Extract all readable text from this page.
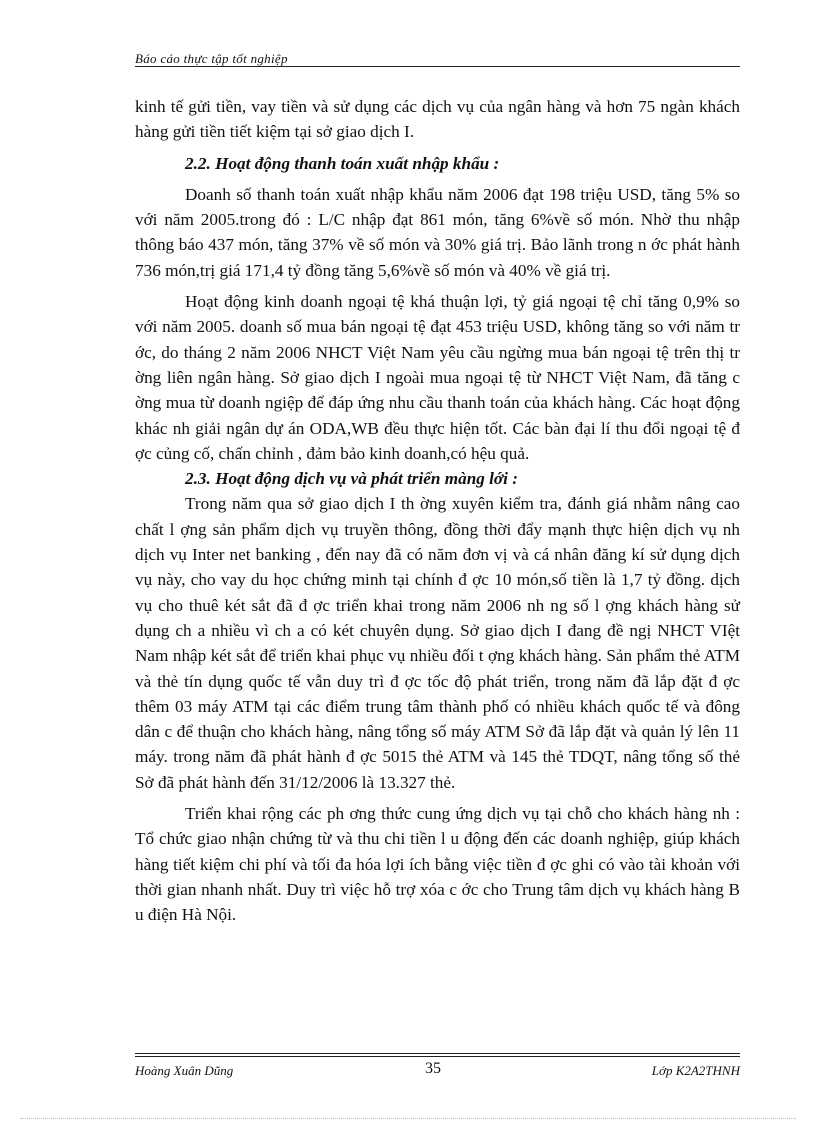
Báo cáo thực tập tốt nghiệp

kinh tế gửi tiền, vay tiền và sử dụng các dịch vụ của ngân hàng và hơn 75 ngàn khách hàng gửi tiền tiết kiệm tại sở giao dịch I.

2.2. Hoạt động thanh toán xuất nhập khẩu :

Doanh số thanh toán xuất nhập khẩu năm 2006 đạt 198 triệu USD, tăng 5% so với năm 2005.trong đó : L/C nhập đạt 861 món, tăng 6%về số món. Nhờ thu nhập thông báo 437 món, tăng 37% về số món và 30% giá trị. Bảo lãnh trong n ớc phát hành 736 món,trị giá 171,4 tỷ đồng tăng 5,6%về số món và 40% về giá trị.

Hoạt động kinh doanh ngoại tệ khá thuận lợi, tỷ giá ngoại tệ chỉ tăng 0,9% so với năm 2005. doanh số mua bán ngoại tệ đạt 453 triệu USD, không tăng so với năm tr ớc, do tháng 2 năm 2006 NHCT Việt Nam yêu cầu ngừng mua bán ngoại tệ trên thị tr ờng liên ngân hàng. Sở giao dịch I ngoài mua ngoại tệ từ NHCT Việt Nam, đã tăng c ờng mua từ doanh ngiệp để đáp ứng nhu cầu thanh toán của khách hàng. Các hoạt động khác nh giải ngân dự án ODA,WB đều thực hiện tốt. Các bàn đại lí thu đổi ngoại tệ đ ợc củng cố, chấn chỉnh , đảm bảo kinh doanh,có hệu quả.

2.3. Hoạt động dịch vụ và phát triển màng lới :

Trong năm qua sở giao dịch I th ờng xuyên kiểm tra, đánh giá nhằm nâng cao chất l ợng sản phẩm dịch vụ truyền thông, đồng thời đẩy mạnh thực hiện dịch vụ nh dịch vụ Inter net banking , đến nay đã có năm đơn vị và cá nhân đăng kí sử dụng dịch vụ này, cho vay du học chứng minh tại chính đ ợc 10 món,số tiền là 1,7 tỷ đồng. dịch vụ cho thuê két sắt đã đ ợc triển khai trong năm 2006 nh ng số l ợng khách hàng sử dụng ch a nhiều vì ch a có két chuyên dụng. Sở giao dịch I đang đề ngị NHCT VIệt Nam nhập két sắt để triển khai phục vụ nhiều đối t ợng khách hàng. Sản phẩm thẻ ATM và thẻ tín dụng quốc tế vẫn duy trì đ ợc tốc độ phát triển, trong năm đã lắp đặt đ ợc thêm 03 máy ATM tại các điểm trung tâm thành phố có nhiều khách quốc tế và đông dân c để thuận cho khách hàng, nâng tổng số máy ATM Sở đã lắp đặt và quản lý lên 11 máy. trong năm đã phát hành đ ợc 5015 thẻ ATM và 145 thẻ TDQT, nâng tổng số thẻ Sở đã phát hành đến 31/12/2006 là 13.327 thẻ.

Triển khai rộng các ph ơng thức cung ứng dịch vụ tại chỗ cho khách hàng nh : Tổ chức giao nhận chứng từ và thu chi tiền l u động đến các doanh nghiệp, giúp khách hàng tiết kiệm chi phí và tối đa hóa lợi ích bằng việc tiền đ ợc ghi có vào tài khoản với thời gian nhanh nhất. Duy trì việc hỗ trợ xóa c ớc cho Trung tâm dịch vụ khách hàng B u điện Hà Nội.

Hoàng Xuân Dũng	35	Lớp K2A2THNH
